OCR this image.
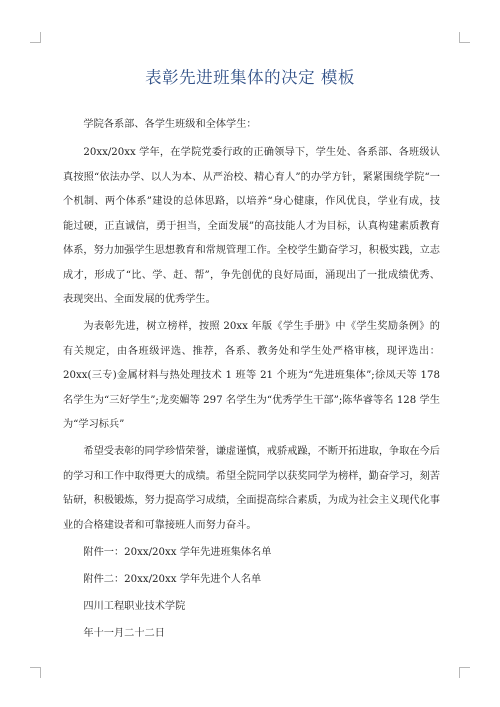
表彰先进班集体的决定 模板

学院各系部、各学生班级和全体学生：

20xx/20xx 学年，在学院党委行政的正确领导下，学生处、各系部、各班级认真按照“依法办学、以人为本、从严治校、精心育人”的办学方针，紧紧围绕学院“一个机制、两个体系”建设的总体思路，以培养“身心健康，作风优良，学业有成，技能过硬，正直诚信，勇于担当，全面发展”的高技能人才为目标，认真构建素质教育体系，努力加强学生思想教育和常规管理工作。全校学生勤奋学习，积极实践，立志成才，形成了“比、学、赶、帮”，争先创优的良好局面，涌现出了一批成绩优秀、表现突出、全面发展的优秀学生。

为表彰先进，树立榜样，按照 20xx 年版《学生手册》中《学生奖励条例》的有关规定，由各班级评选、推荐，各系、教务处和学生处严格审核，现评选出：20xx(三专)金属材料与热处理技术 1 班等 21 个班为“先进班集体”;徐凤天等 178 名学生为“三好学生”;龙奕媚等 297 名学生为“优秀学生干部”;陈华睿等名 128 学生为“学习标兵”

希望受表彰的同学珍惜荣誉，谦虚谨慎，戒骄戒躁，不断开拓进取，争取在今后的学习和工作中取得更大的成绩。希望全院同学以获奖同学为榜样，勤奋学习，刻苦钻研，积极锻炼，努力提高学习成绩，全面提高综合素质，为成为社会主义现代化事业的合格建设者和可靠接班人而努力奋斗。

附件一：20xx/20xx 学年先进班集体名单

附件二：20xx/20xx 学年先进个人名单

四川工程职业技术学院

年十一月二十二日
